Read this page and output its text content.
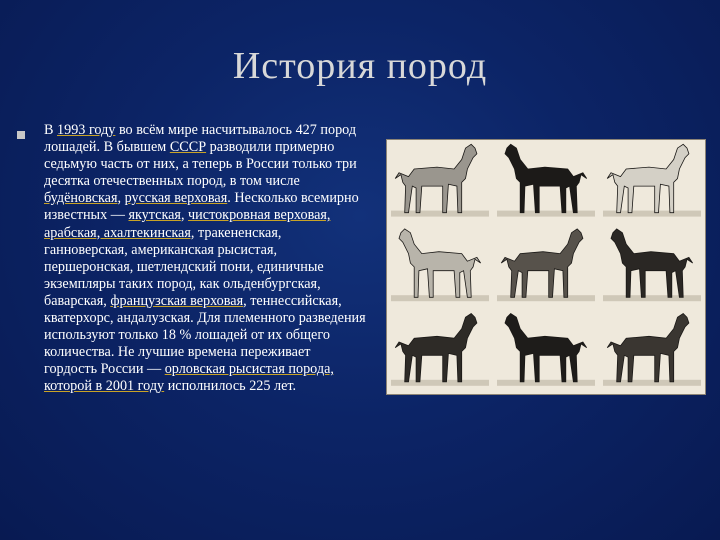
История пород
В 1993 году во всём мире насчитывалось 427 пород лошадей. В бывшем СССР разводили примерно седьмую часть от них, а теперь в России только три десятка отечественных пород, в том числе будёновская, русская верховая. Несколько всемирно известных — якутская, чистокровная верховая, арабская, ахалтекинская, тракененская, ганноверская, американская рысистая, першеронская, шетлендский пони, единичные экземпляры таких пород, как ольденбургская, баварская, французская верховая, теннессийская, кватерхорс, андалузская. Для племенного разведения используют только 18 % лошадей от их общего количества. Не лучшие времена переживает гордость России — орловская рысистая порода, которой в 2001 году исполнилось 225 лет.
